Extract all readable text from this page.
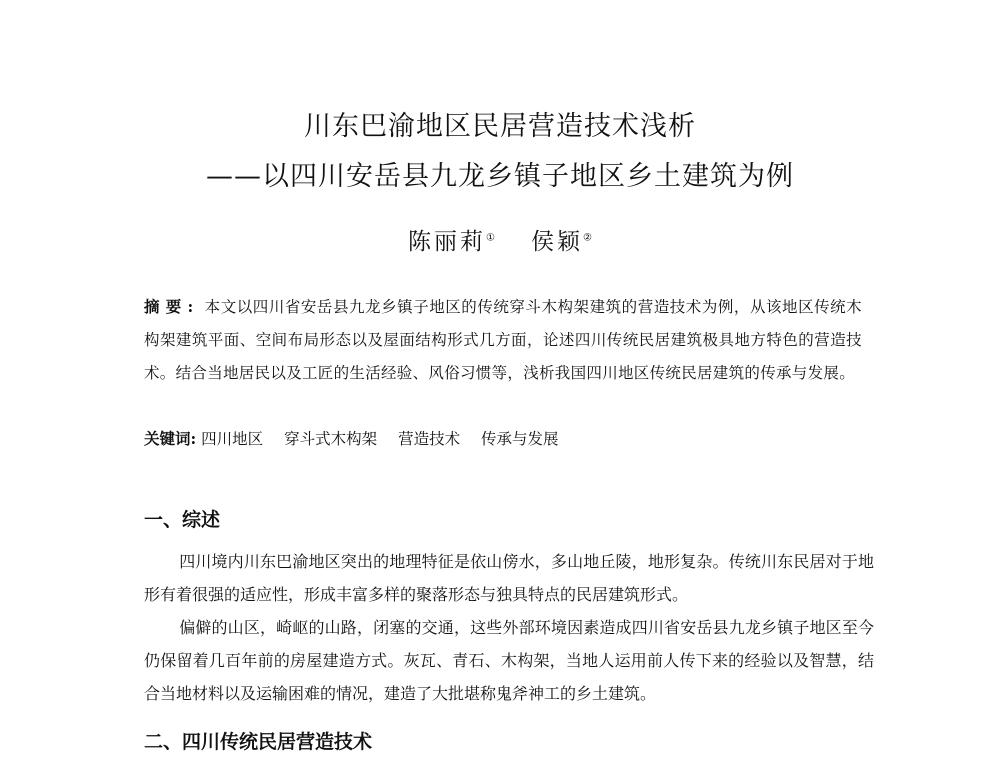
川东巴渝地区民居营造技术浅析
——以四川安岳县九龙乡镇子地区乡土建筑为例
陈丽莉① 侯颖②
摘要: 本文以四川省安岳县九龙乡镇子地区的传统穿斗木构架建筑的营造技术为例，从该地区传统木构架建筑平面、空间布局形态以及屋面结构形式几方面，论述四川传统民居建筑极具地方特色的营造技术。结合当地居民以及工匠的生活经验、风俗习惯等，浅析我国四川地区传统民居建筑的传承与发展。
关键词: 四川地区 穿斗式木构架 营造技术 传承与发展
一、综述
四川境内川东巴渝地区突出的地理特征是依山傍水，多山地丘陵，地形复杂。传统川东民居对于地形有着很强的适应性，形成丰富多样的聚落形态与独具特点的民居建筑形式。
偏僻的山区，崎岖的山路，闭塞的交通，这些外部环境因素造成四川省安岳县九龙乡镇子地区至今仍保留着几百年前的房屋建造方式。灰瓦、青石、木构架，当地人运用前人传下来的经验以及智慧，结合当地材料以及运输困难的情况，建造了大批堪称鬼斧神工的乡土建筑。
二、四川传统民居营造技术
